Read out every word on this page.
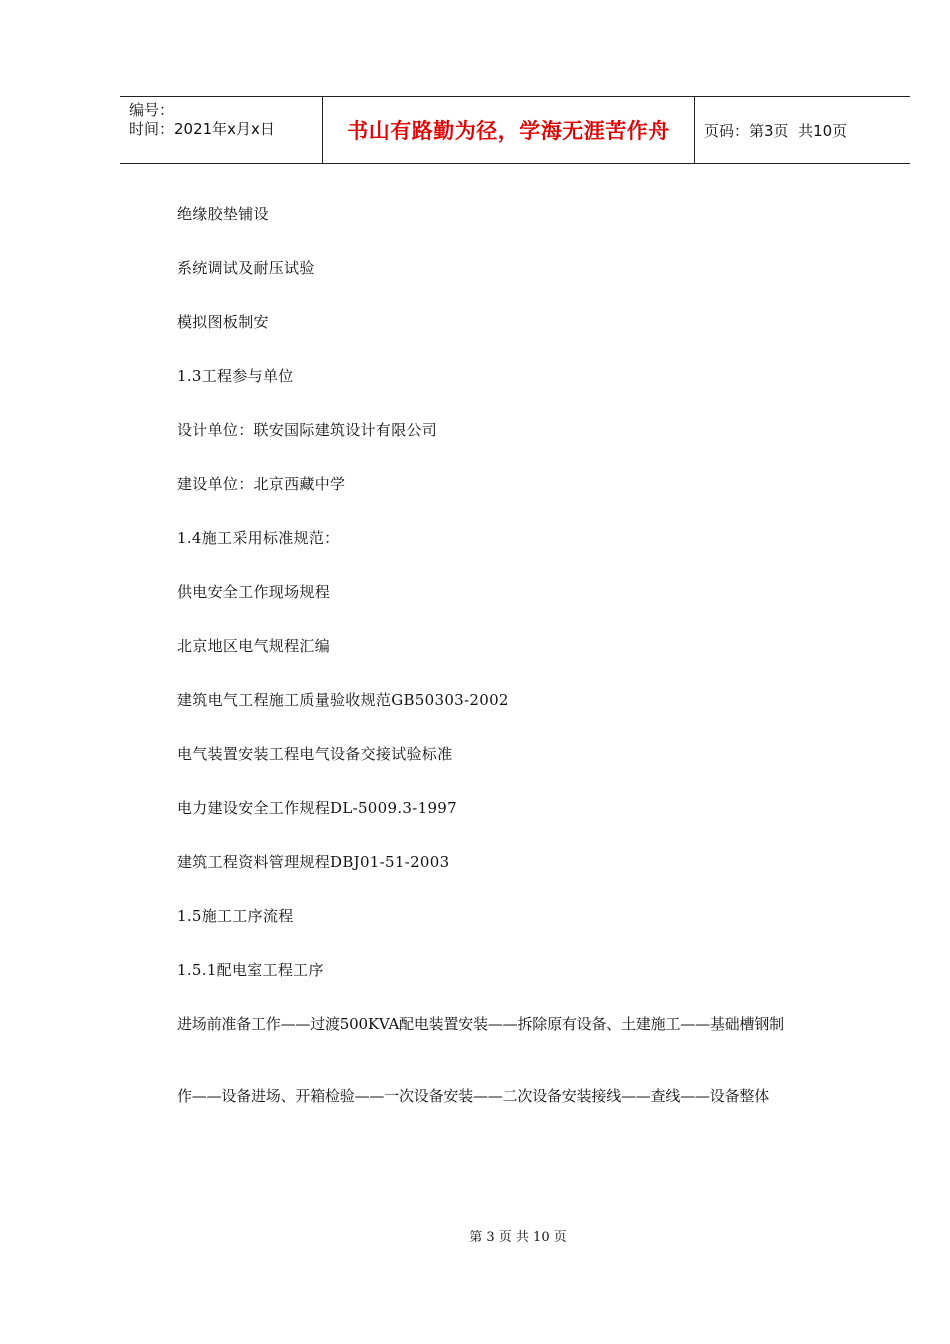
编号：
时间：2021年x月x日	书山有路勤为径，学海无涯苦作舟	页码：第3页  共10页

绝缘胶垫铺设

系统调试及耐压试验

模拟图板制安

1.3工程参与单位

设计单位：联安国际建筑设计有限公司

建设单位：北京西藏中学

1.4施工采用标准规范：

供电安全工作现场规程

北京地区电气规程汇编

建筑电气工程施工质量验收规范GB50303-2002

电气装置安装工程电气设备交接试验标准

电力建设安全工作规程DL-5009.3-1997

建筑工程资料管理规程DBJ01-51-2003

1.5施工工序流程

1.5.1配电室工程工序

进场前准备工作——过渡500KVA配电装置安装——拆除原有设备、土建施工——基础槽钢制

作——设备进场、开箱检验——一次设备安装——二次设备安装接线——查线——设备整体

第 3 页 共 10 页
